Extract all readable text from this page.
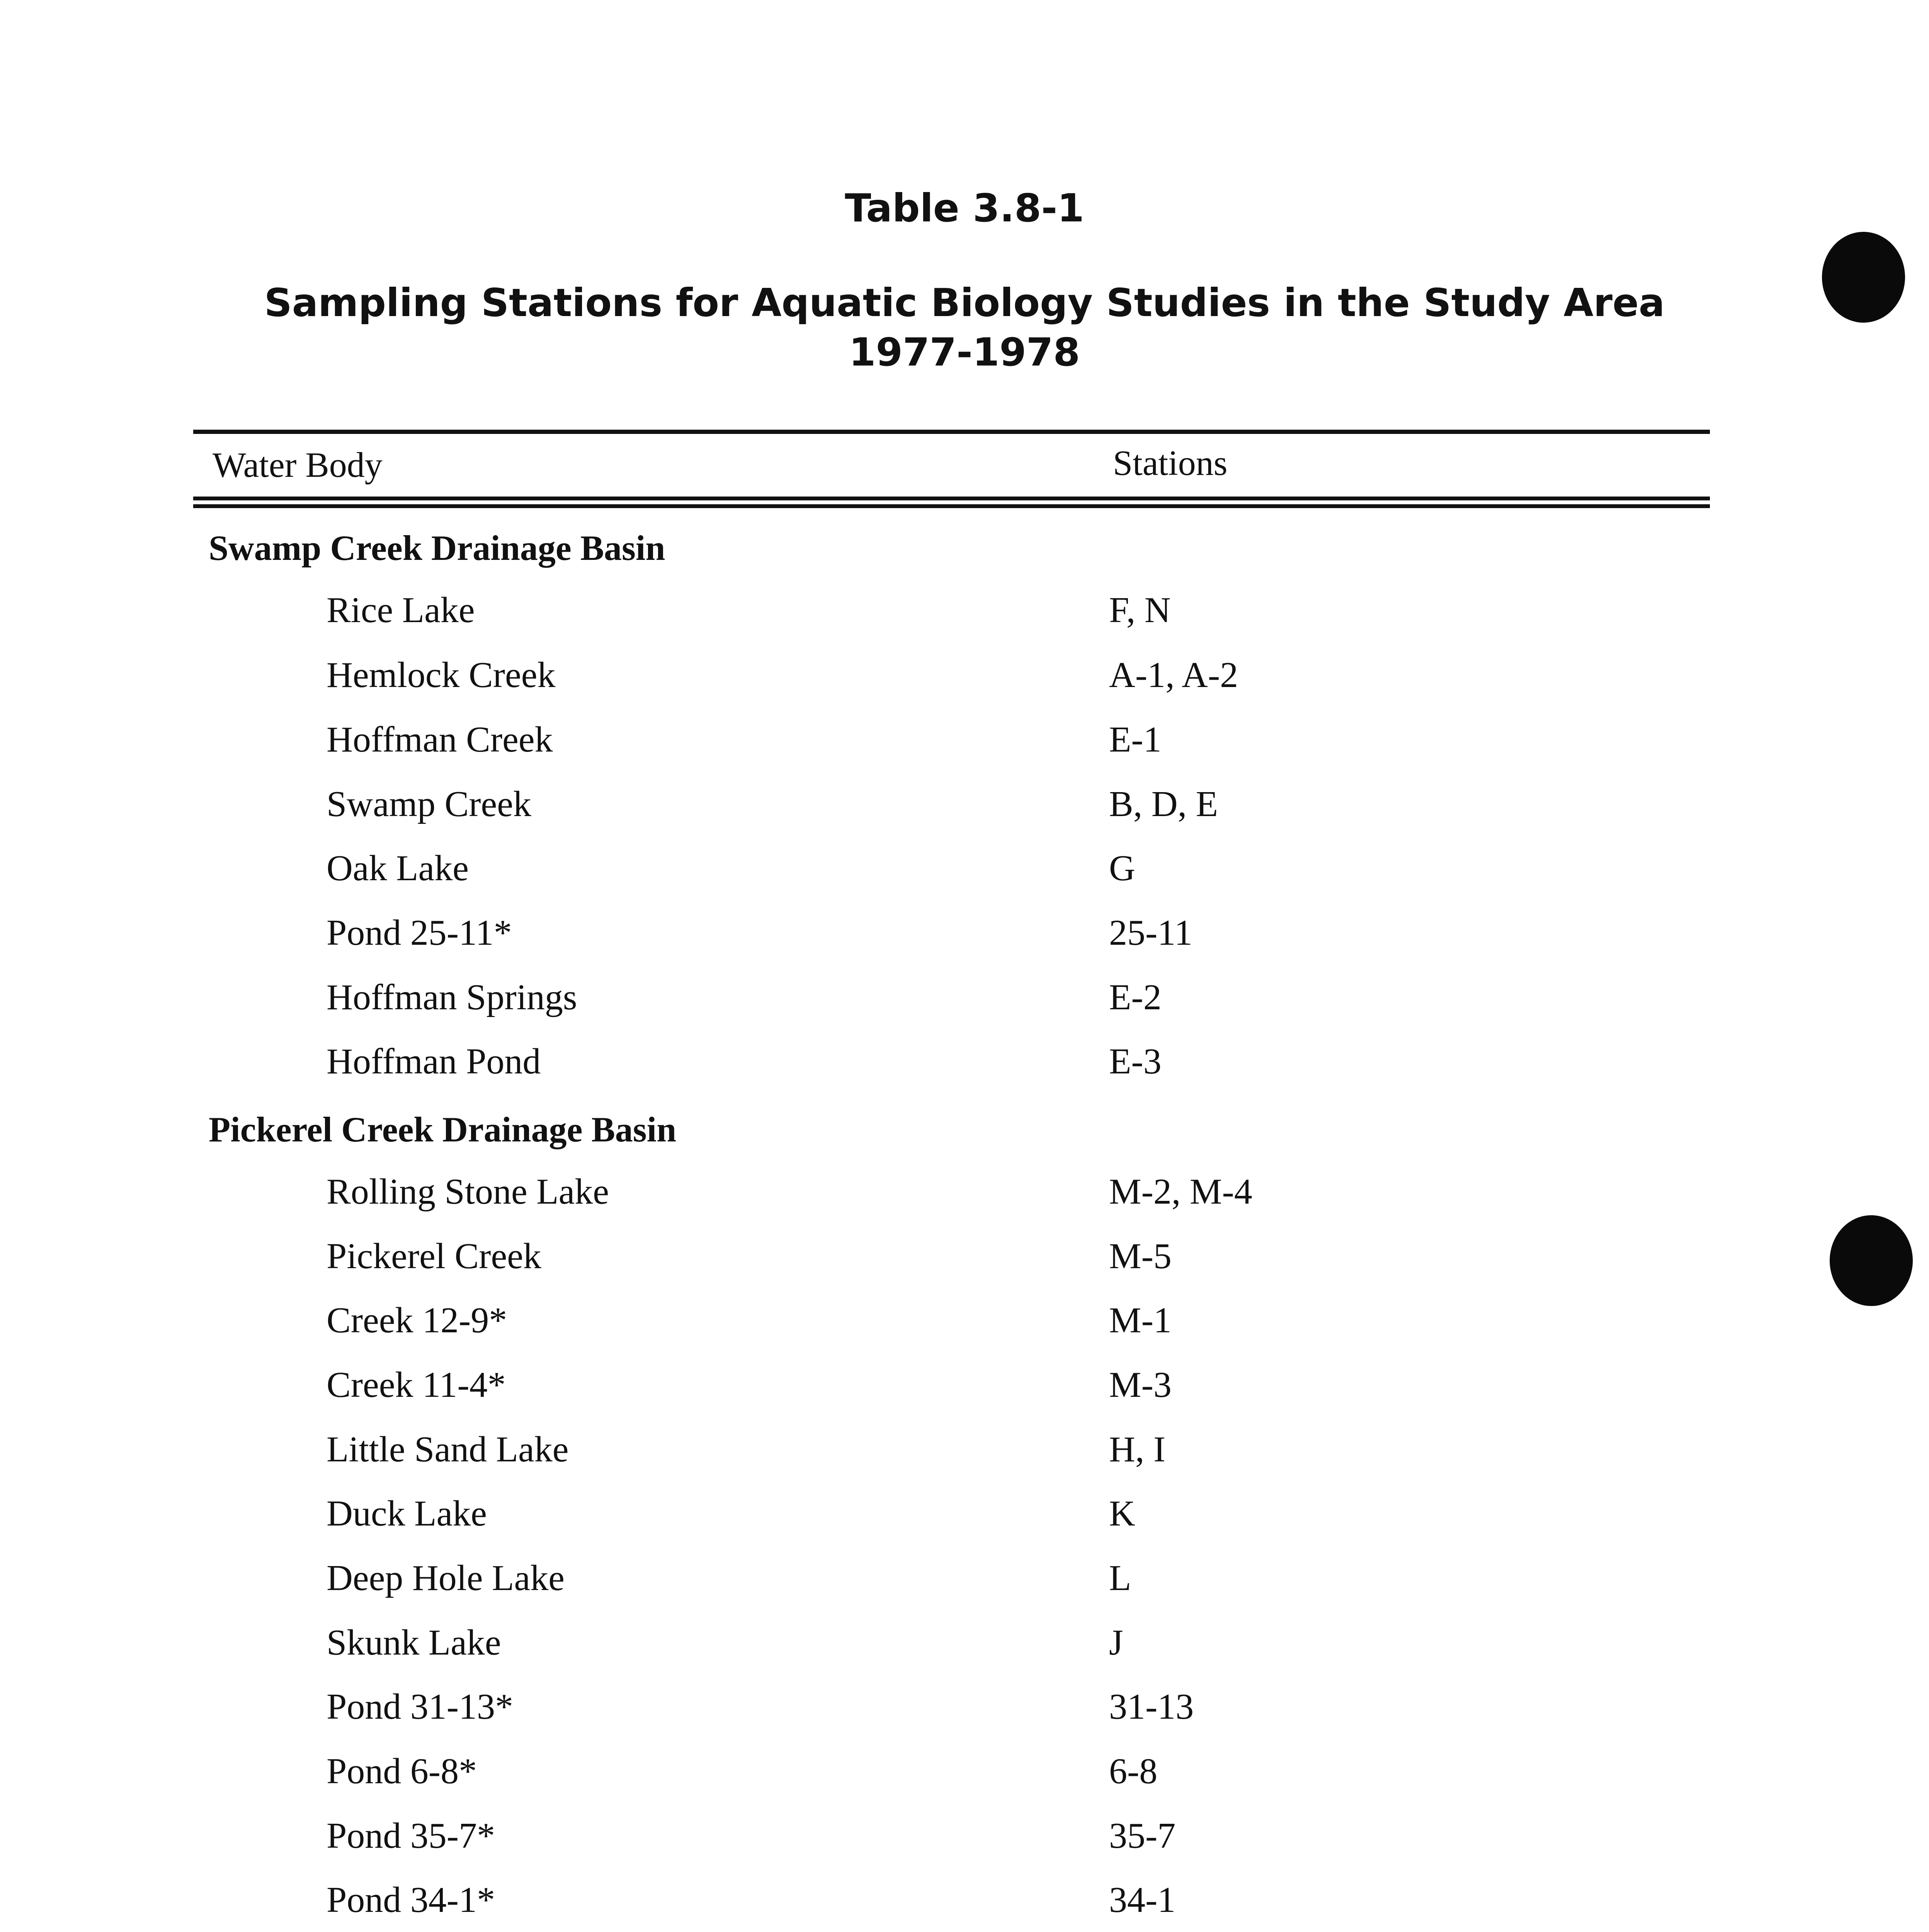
Table 3.8-1
Sampling Stations for Aquatic Biology Studies in the Study Area
1977-1978
Water Body	Stations
Swamp Creek Drainage Basin
Rice Lake	F, N
Hemlock Creek	A-1, A-2
Hoffman Creek	E-1
Swamp Creek	B, D, E
Oak Lake	G
Pond 25-11*	25-11
Hoffman Springs	E-2
Hoffman Pond	E-3
Pickerel Creek Drainage Basin
Rolling Stone Lake	M-2, M-4
Pickerel Creek	M-5
Creek 12-9*	M-1
Creek 11-4*	M-3
Little Sand Lake	H, I
Duck Lake	K
Deep Hole Lake	L
Skunk Lake	J
Pond 31-13*	31-13
Pond 6-8*	6-8
Pond 35-7*	35-7
Pond 34-1*	34-1
